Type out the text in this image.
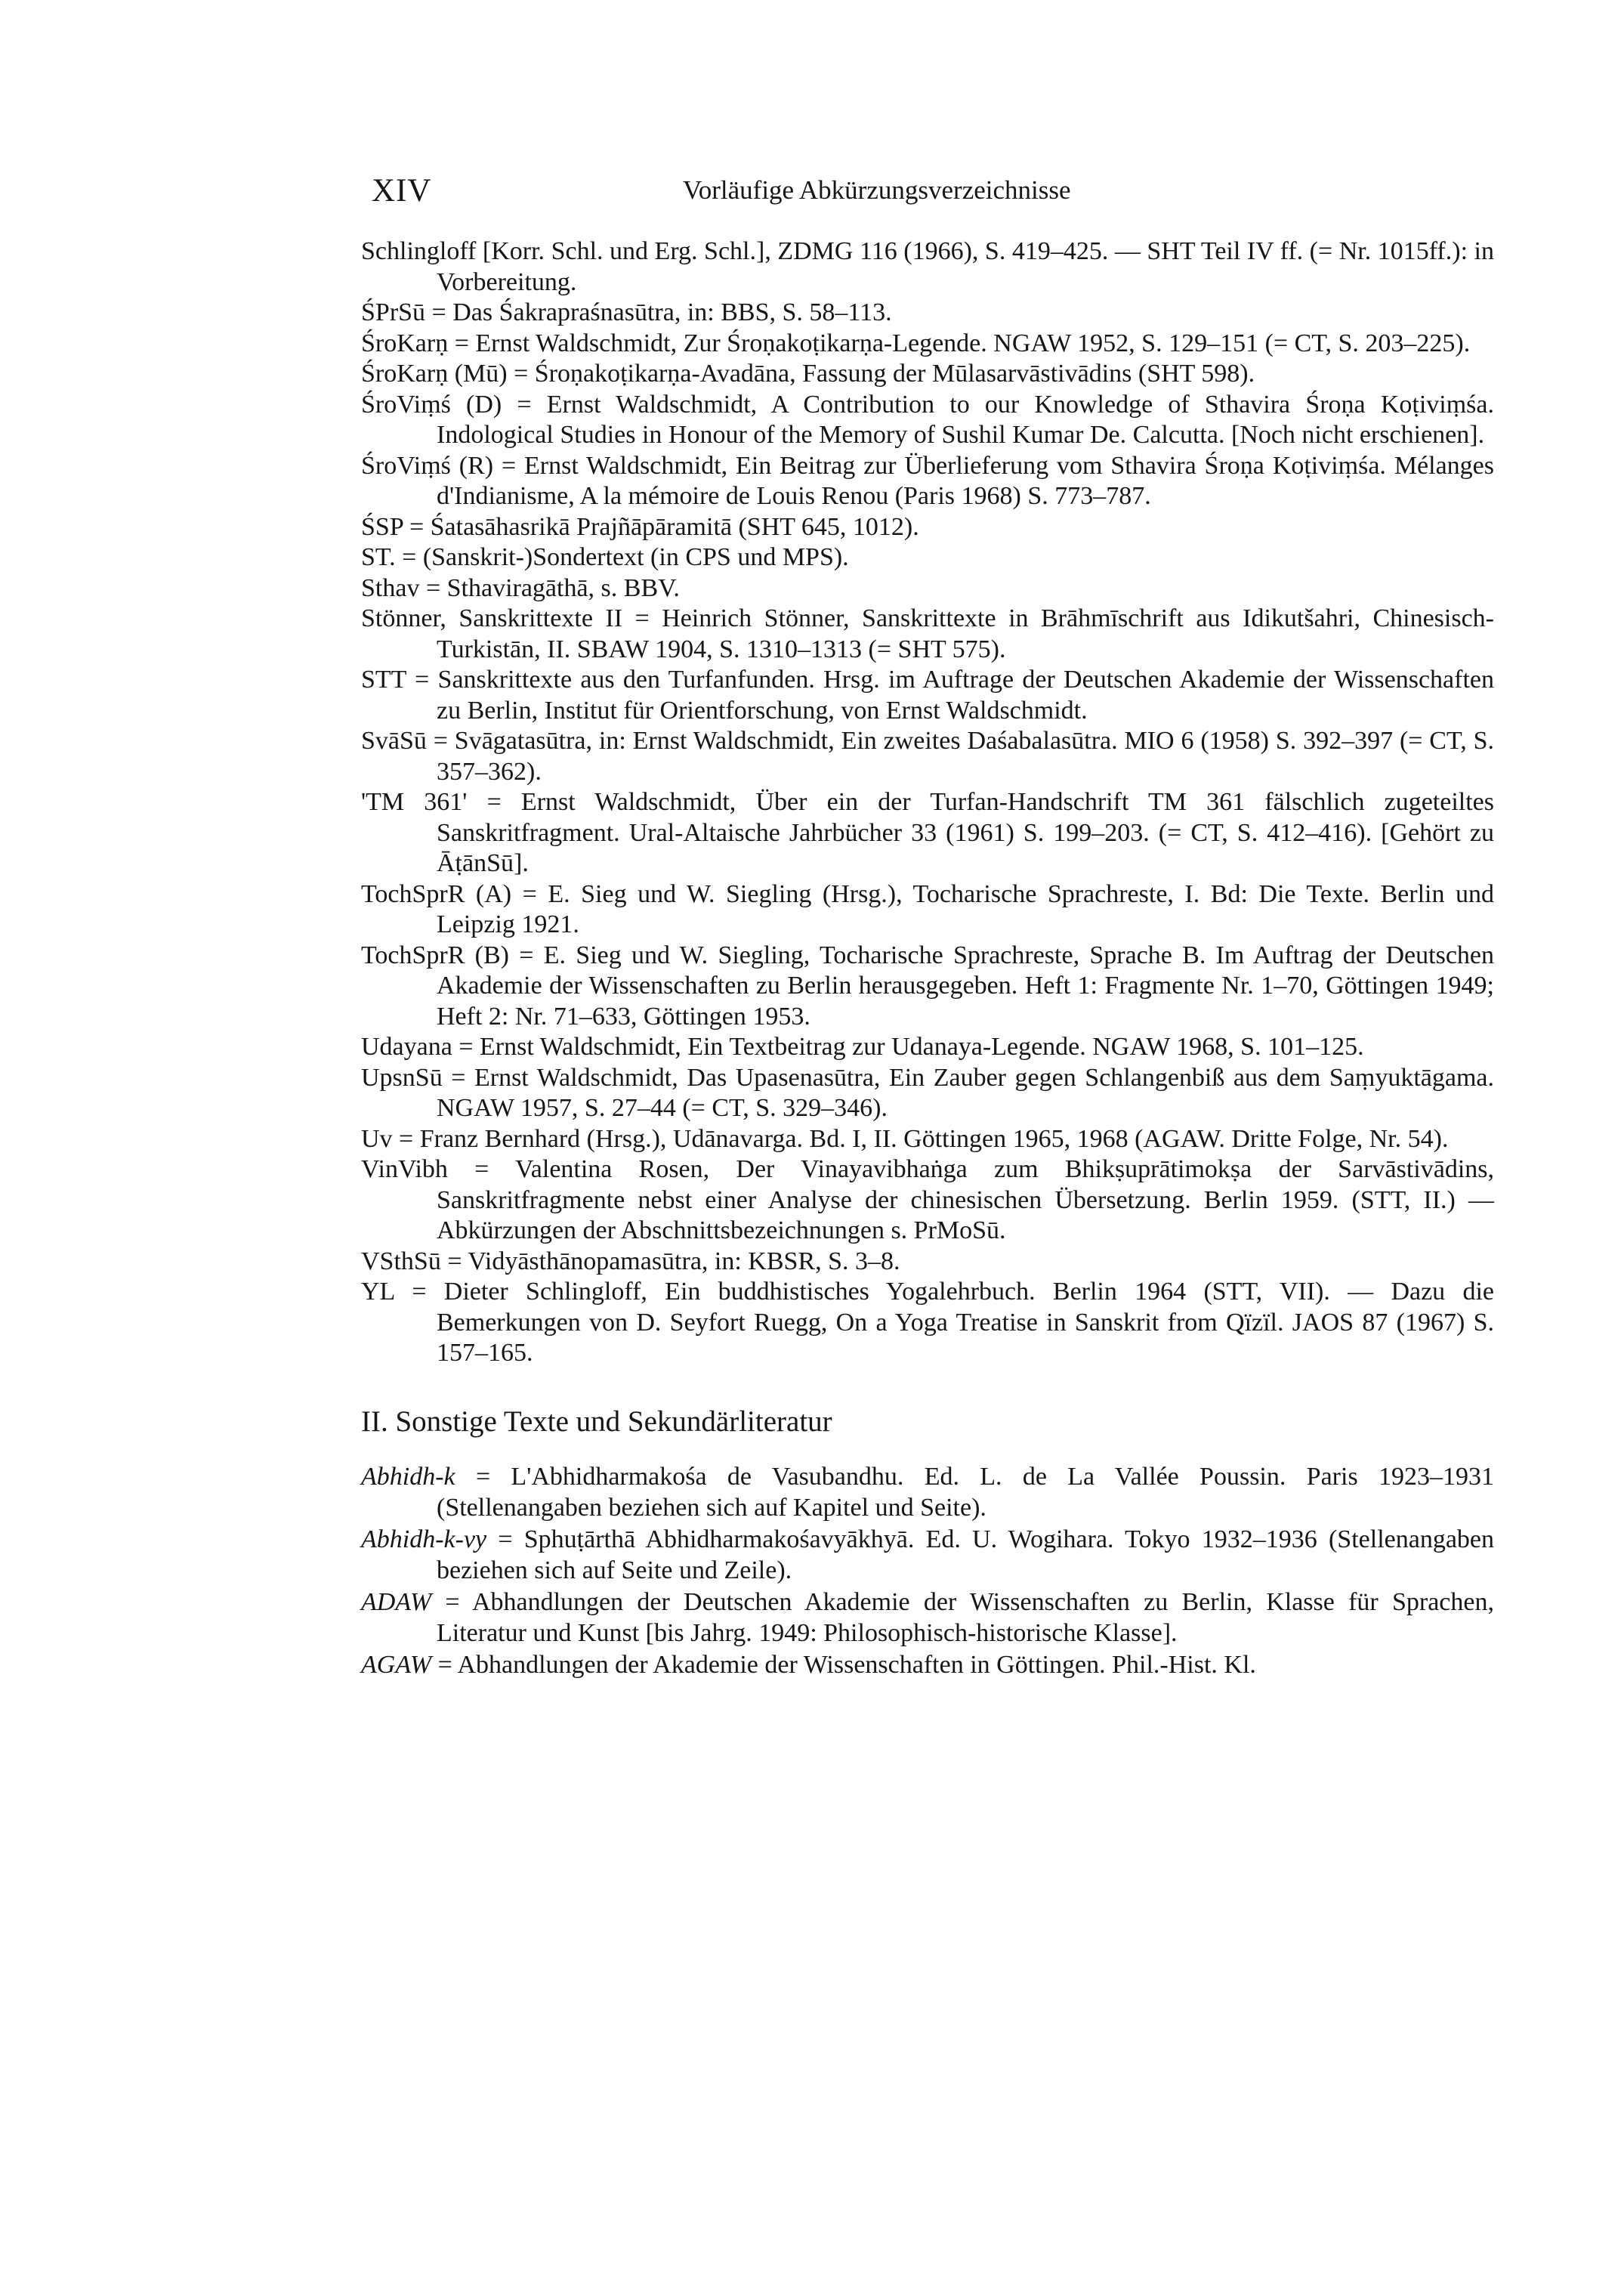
XIV	Vorläufige Abkürzungsverzeichnisse

Schlingloff [Korr. Schl. und Erg. Schl.], ZDMG 116 (1966), S. 419–425. — SHT Teil IV ff. (= Nr. 1015ff.): in Vorbereitung.

ŚPrSū = Das Śakrapraśnasūtra, in: BBS, S. 58–113.

ŚroKarṇ = Ernst Waldschmidt, Zur Śroṇakoṭikarṇa-Legende. NGAW 1952, S. 129–151 (= CT, S. 203–225).

ŚroKarṇ (Mū) = Śroṇakoṭikarṇa-Avadāna, Fassung der Mūlasarvāstivādins (SHT 598).

ŚroViṃś (D) = Ernst Waldschmidt, A Contribution to our Knowledge of Sthavira Śroṇa Koṭiviṃśa. Indological Studies in Honour of the Memory of Sushil Kumar De. Calcutta. [Noch nicht erschienen].

ŚroViṃś (R) = Ernst Waldschmidt, Ein Beitrag zur Überlieferung vom Sthavira Śroṇa Koṭiviṃśa. Mélanges d'Indianisme, A la mémoire de Louis Renou (Paris 1968) S. 773–787.

ŚSP = Śatasāhasrikā Prajñāpāramitā (SHT 645, 1012).

ST. = (Sanskrit-)Sondertext (in CPS und MPS).

Sthav = Sthaviragāthā, s. BBV.

Stönner, Sanskrittexte II = Heinrich Stönner, Sanskrittexte in Brāhmīschrift aus Idikutšahri, Chinesisch-Turkistān, II. SBAW 1904, S. 1310–1313 (= SHT 575).

STT = Sanskrittexte aus den Turfanfunden. Hrsg. im Auftrage der Deutschen Akademie der Wissenschaften zu Berlin, Institut für Orientforschung, von Ernst Waldschmidt.

SvāSū = Svāgatasūtra, in: Ernst Waldschmidt, Ein zweites Daśabalasūtra. MIO 6 (1958) S. 392–397 (= CT, S. 357–362).

'TM 361' = Ernst Waldschmidt, Über ein der Turfan-Handschrift TM 361 fälschlich zugeteiltes Sanskritfragment. Ural-Altaische Jahrbücher 33 (1961) S. 199–203. (= CT, S. 412–416). [Gehört zu ĀṭānSū].

TochSprR (A) = E. Sieg und W. Siegling (Hrsg.), Tocharische Sprachreste, I. Bd: Die Texte. Berlin und Leipzig 1921.

TochSprR (B) = E. Sieg und W. Siegling, Tocharische Sprachreste, Sprache B. Im Auftrag der Deutschen Akademie der Wissenschaften zu Berlin herausgegeben. Heft 1: Fragmente Nr. 1–70, Göttingen 1949; Heft 2: Nr. 71–633, Göttingen 1953.

Udayana = Ernst Waldschmidt, Ein Textbeitrag zur Udanaya-Legende. NGAW 1968, S. 101–125.

UpsnSū = Ernst Waldschmidt, Das Upasenasūtra, Ein Zauber gegen Schlangenbiß aus dem Saṃyuktāgama. NGAW 1957, S. 27–44 (= CT, S. 329–346).

Uv = Franz Bernhard (Hrsg.), Udānavarga. Bd. I, II. Göttingen 1965, 1968 (AGAW. Dritte Folge, Nr. 54).

VinVibh = Valentina Rosen, Der Vinayavibhaṅga zum Bhikṣuprātimokṣa der Sarvāstivādins, Sanskritfragmente nebst einer Analyse der chinesischen Übersetzung. Berlin 1959. (STT, II.) — Abkürzungen der Abschnittsbezeichnungen s. PrMoSū.

VSthSū = Vidyāsthānopamasūtra, in: KBSR, S. 3–8.

YL = Dieter Schlingloff, Ein buddhistisches Yogalehrbuch. Berlin 1964 (STT, VII). — Dazu die Bemerkungen von D. Seyfort Ruegg, On a Yoga Treatise in Sanskrit from Qïzïl. JAOS 87 (1967) S. 157–165.

II. Sonstige Texte und Sekundärliteratur

Abhidh-k = L'Abhidharmakośa de Vasubandhu. Ed. L. de La Vallée Poussin. Paris 1923–1931 (Stellenangaben beziehen sich auf Kapitel und Seite).

Abhidh-k-vy = Sphuṭārthā Abhidharmakośavyākhyā. Ed. U. Wogihara. Tokyo 1932–1936 (Stellenangaben beziehen sich auf Seite und Zeile).

ADAW = Abhandlungen der Deutschen Akademie der Wissenschaften zu Berlin, Klasse für Sprachen, Literatur und Kunst [bis Jahrg. 1949: Philosophisch-historische Klasse].

AGAW = Abhandlungen der Akademie der Wissenschaften in Göttingen. Phil.-Hist. Kl.
